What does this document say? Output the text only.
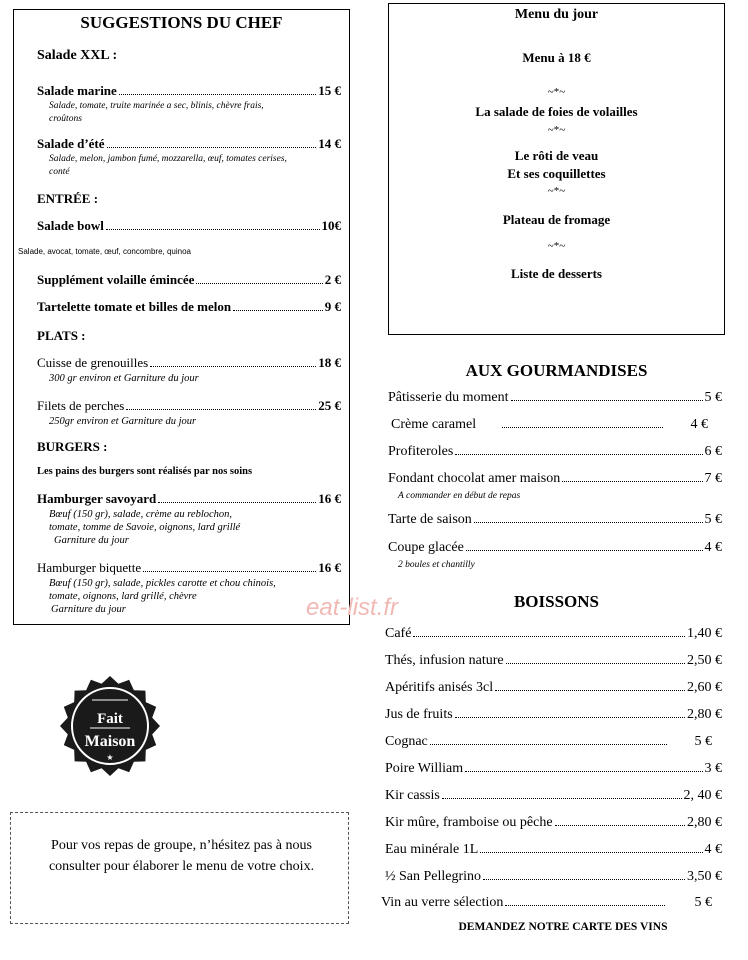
SUGGESTIONS DU CHEF
Salade XXL :
Salade marine	15 €
Salade, tomate, truite marinée a sec, blinis, chèvre frais,
croûtons
Salade d’été	14 €
Salade, melon, jambon fumé, mozzarella, œuf, tomates cerises,
conté
ENTRÉE :
Salade bowl	10€
Salade, avocat, tomate, œuf, concombre, quinoa
Supplément volaille émincée	2 €
Tartelette tomate et billes de melon	9 €
PLATS :
Cuisse de grenouilles	18 €
300 gr environ et Garniture du jour
Filets de perches	25 €
250gr environ et Garniture du jour
BURGERS :
Les pains des burgers sont réalisés par nos soins
Hamburger savoyard	16 €
Bœuf (150 gr), salade, crème au reblochon,
tomate, tomme de Savoie, oignons, lard grillé
Garniture du jour
Hamburger biquette	16 €
Bœuf (150 gr), salade, pickles carotte et chou chinois,
tomate, oignons, lard grillé, chèvre
Garniture du jour
Menu du jour
Menu à 18 €
~*~
La salade de foies de volailles
~*~
Le rôti de veau
Et ses coquillettes
~*~
Plateau de fromage
~*~
Liste de desserts
AUX GOURMANDISES
Pâtisserie du moment	5 €
Crème caramel	4 €
Profiteroles	6 €
Fondant chocolat amer maison	7 €
A commander en début de repas
Tarte de saison	5 €
Coupe glacée	4 €
2 boules et chantilly
eat-list.fr	BOISSONS
Café	1,40 €
Thés, infusion nature	2,50 €
Apéritifs anisés 3cl	2,60 €
Jus de fruits	2,80 €
Cognac	5 €
Poire William	3 €
Kir cassis	2, 40 €
Kir mûre, framboise ou pêche	2,80 €
Eau minérale 1L	4 €
½ San Pellegrino	3,50 €
Vin au verre sélection	5 €
DEMANDEZ NOTRE CARTE DES VINS
Fait
Maison
★
Pour vos repas de groupe, n’hésitez pas à nous consulter pour élaborer le menu de votre choix.
